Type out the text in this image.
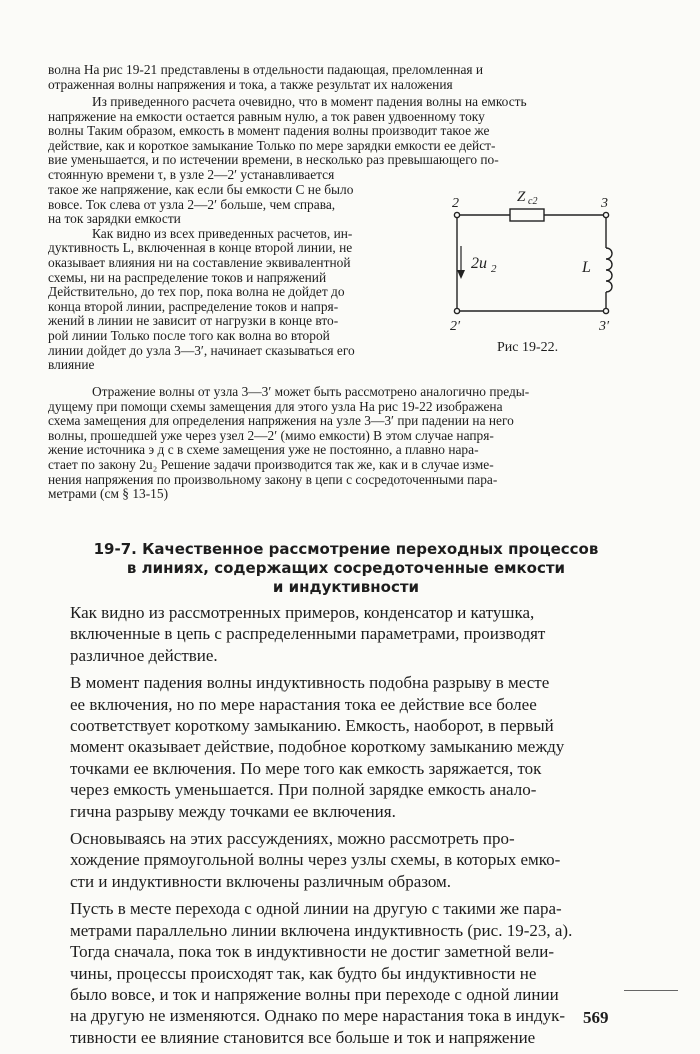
волна На рис 19-21 представлены в отдельности падающая, преломленная и

отраженная волны напряжения и тока, а также результат их наложения

Из приведенного расчета очевидно, что в момент падения волны на емкость

напряжение на емкости остается равным нулю, а ток равен удвоенному току

волны Таким образом, емкость в момент падения волны производит такое же

действие, как и короткое замыкание Только по мере зарядки емкости ее дейст-

вие уменьшается, и по истечении времени, в несколько раз превышающего по-

стоянную времени τ, в узле 2—2′ устанавливается

такое же напряжение, как если бы емкости C не было

вовсе. Ток слева от узла 2—2′ больше, чем справа,

на ток зарядки емкости

Как видно из всех приведенных расчетов, ин-

дуктивность L, включенная в конце второй линии, не

оказывает влияния ни на составление эквивалентной

схемы, ни на распределение токов и напряжений

Действительно, до тех пор, пока волна не дойдет до

конца второй линии, распределение токов и напря-

жений в линии не зависит от нагрузки в конце вто-

рой линии Только после того как волна во второй

линии дойдет до узла 3—3′, начинает сказываться его

влияние

2	3
2′	3′
Z c2
2u 2	L
Рис 19-22.

Отражение волны от узла 3—3′ может быть рассмотрено аналогично преды-

дущему при помощи схемы замещения для этого узла На рис 19-22 изображена

схема замещения для определения напряжения на узле 3—3′ при падении на него

волны, прошедшей уже через узел 2—2′ (мимо емкости) В этом случае напря-

жение источника э д с в схеме замещения уже не постоянно, а плавно нара-

стает по закону 2u₂ Решение задачи производится так же, как и в случае изме-

нения напряжения по произвольному закону в цепи с сосредоточенными пара-

метрами (см § 13-15)

19-7. Качественное рассмотрение переходных процессов
в линиях, содержащих сосредоточенные емкости
и индуктивности

Как видно из рассмотренных примеров, конденсатор и катушка,
включенные в цепь с распределенными параметрами, производят
различное действие.

В момент падения волны индуктивность подобна разрыву в месте
ее включения, но по мере нарастания тока ее действие все более
соответствует короткому замыканию. Емкость, наоборот, в первый
момент оказывает действие, подобное короткому замыканию между
точками ее включения. По мере того как емкость заряжается, ток
через емкость уменьшается. При полной зарядке емкость анало-
гична разрыву между точками ее включения.

Основываясь на этих рассуждениях, можно рассмотреть про-
хождение прямоугольной волны через узлы схемы, в которых емко-
сти и индуктивности включены различным образом.

Пусть в месте перехода с одной линии на другую с такими же пара-
метрами параллельно линии включена индуктивность (рис. 19-23, а).
Тогда сначала, пока ток в индуктивности не достиг заметной вели-
чины, процессы происходят так, как будто бы индуктивности не
было вовсе, и ток и напряжение волны при переходе с одной линии
на другую не изменяются. Однако по мере нарастания тока в индук-
тивности ее влияние становится все больше и ток и напряжение

569
